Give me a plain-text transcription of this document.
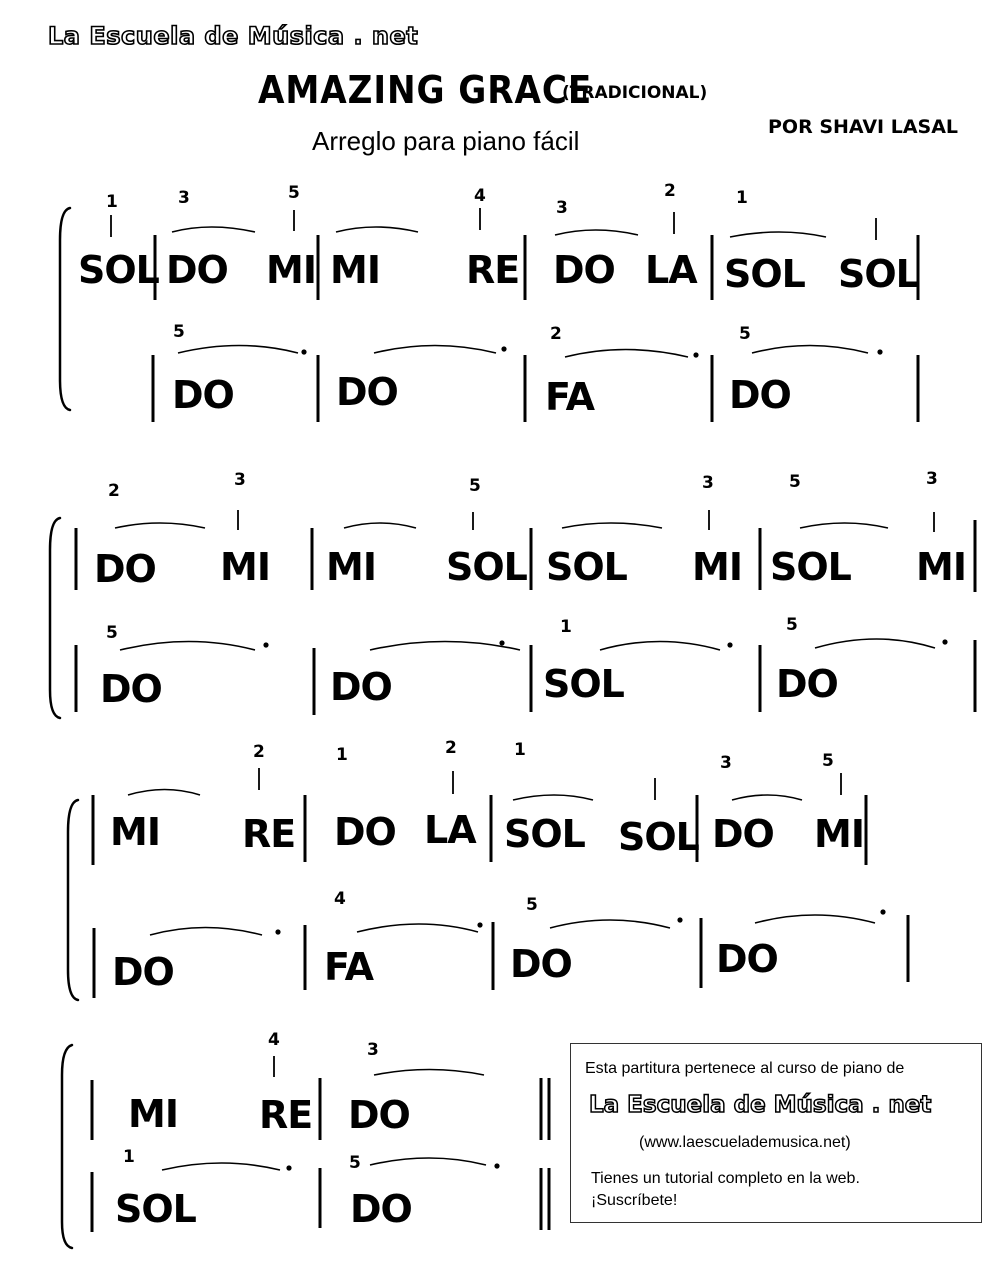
La Escuela de Música . net
AMAZING GRACE
(TRADICIONAL)
Arreglo para piano fácil	POR SHAVI LASAL
1	3	5	4
3
2	1
SOL DO MI MI RE DO LA SOL SOL
5	2	5
DO	DO	FA	DO
2
3	5	3	5	3
DO MI MI SOL SOL MI SOL MI
5	1	5
DO	DO	SOL	DO
2	1	2	1
3	5
MI RE DO LA SOL SOL DO MI
4	5
DO	FA	DO	DO
4	3
MI RE DO
1	5
SOL	DO
Esta partitura pertenece al curso de piano de
La Escuela de Música . net
(www.laescuelademusica.net)
Tienes un tutorial completo en la web.
¡Suscríbete!
